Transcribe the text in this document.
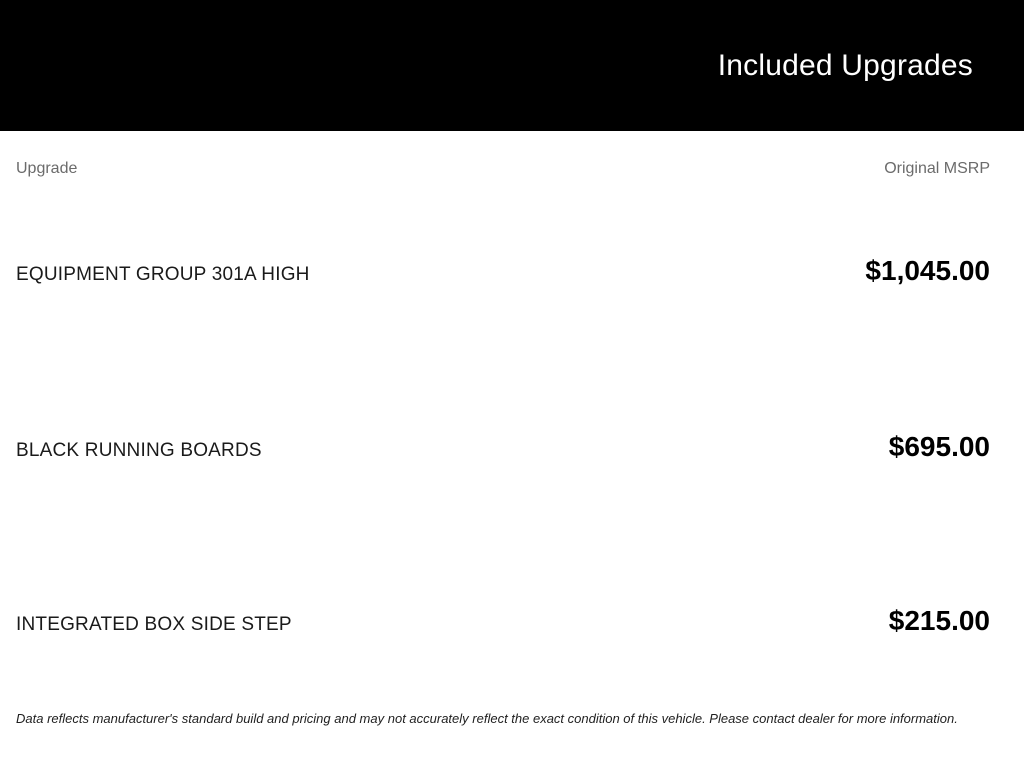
Included Upgrades
Upgrade	Original MSRP
EQUIPMENT GROUP 301A HIGH	$1,045.00
BLACK RUNNING BOARDS	$695.00
INTEGRATED BOX SIDE STEP	$215.00
Data reflects manufacturer's standard build and pricing and may not accurately reflect the exact condition of this vehicle. Please contact dealer for more information.
